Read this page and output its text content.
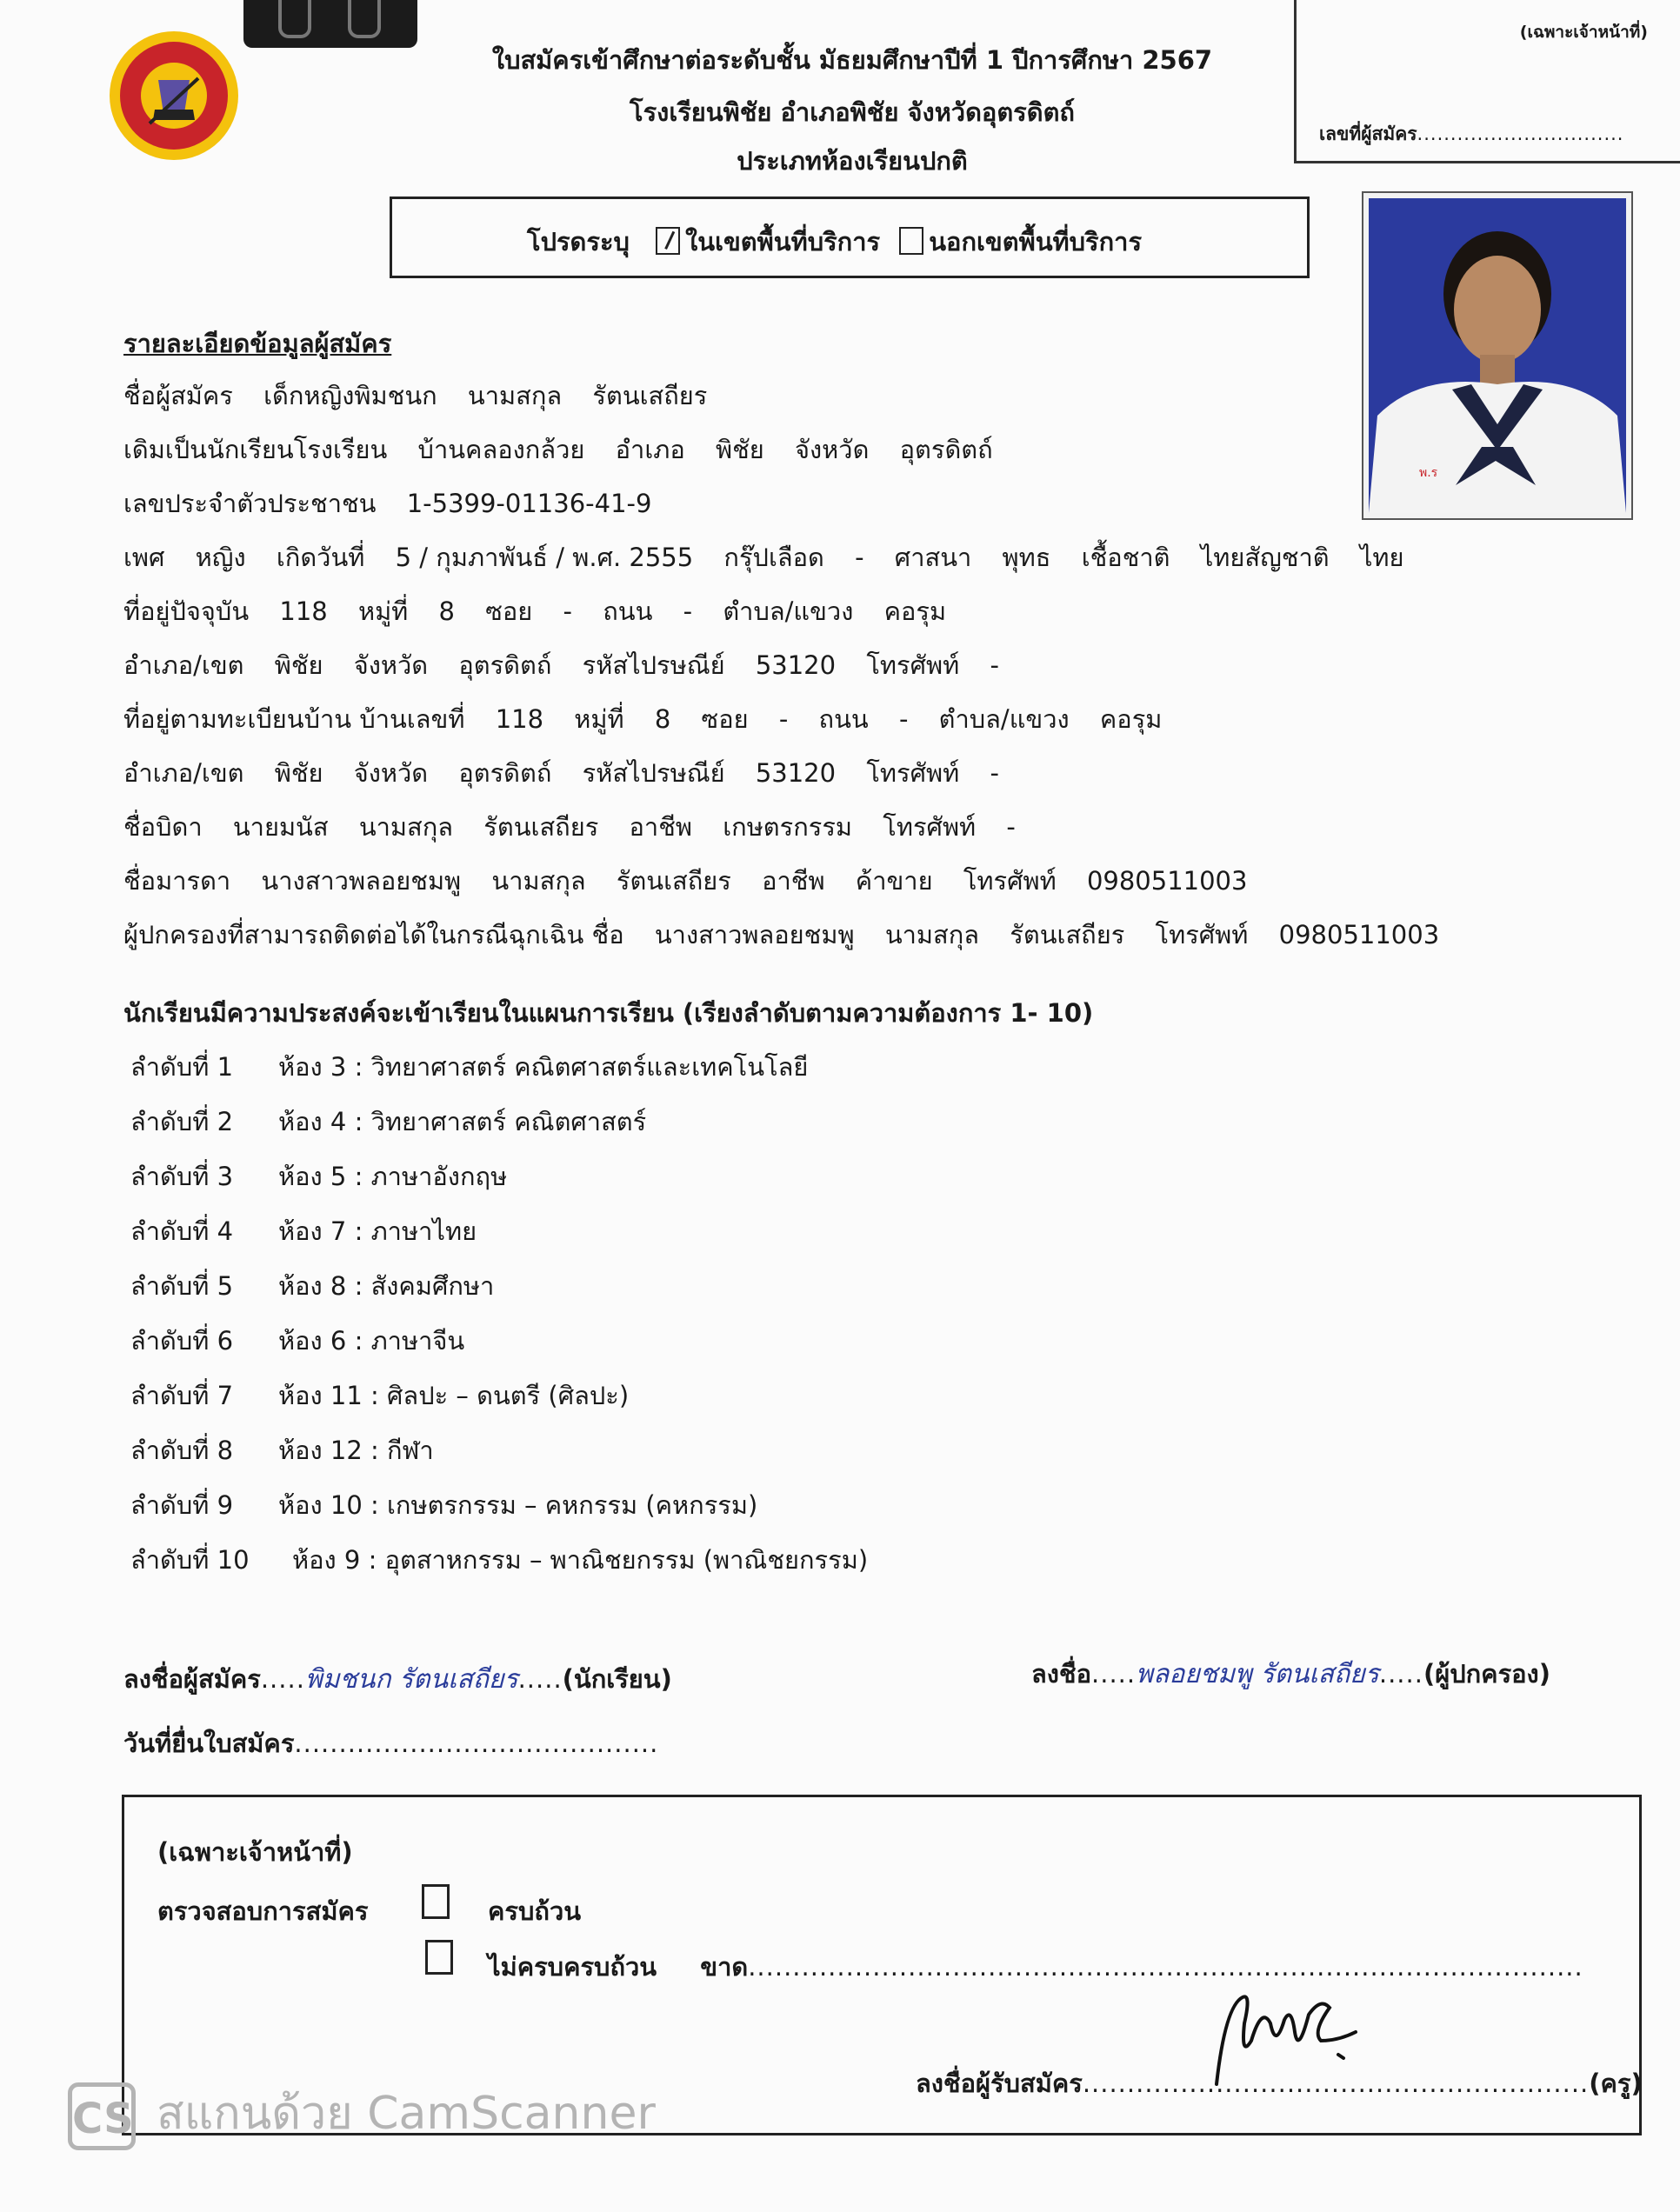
ใบสมัครเข้าศึกษาต่อระดับชั้น มัธยมศึกษาปีที่ 1 ปีการศึกษา 2567
โรงเรียนพิชัย อำเภอพิชัย จังหวัดอุตรดิตถ์
ประเภทห้องเรียนปกติ
(เฉพาะเจ้าหน้าที่)
เลขที่ผู้สมัคร...............................
โปรดระบุ ในเขตพื้นที่บริการ นอกเขตพื้นที่บริการ
พ.ร
รายละเอียดข้อมูลผู้สมัคร
ชื่อผู้สมัคร เด็กหญิงพิมชนก นามสกุล รัตนเสถียร
เดิมเป็นนักเรียนโรงเรียน บ้านคลองกล้วย อำเภอ พิชัย จังหวัด อุตรดิตถ์
เลขประจำตัวประชาชน 1-5399-01136-41-9
เพศ หญิง เกิดวันที่ 5 / กุมภาพันธ์ / พ.ศ. 2555 กรุ๊ปเลือด - ศาสนา พุทธ เชื้อชาติ ไทยสัญชาติ ไทย
ที่อยู่ปัจจุบัน 118 หมู่ที่ 8 ซอย - ถนน - ตำบล/แขวง คอรุม
อำเภอ/เขต พิชัย จังหวัด อุตรดิตถ์ รหัสไปรษณีย์ 53120 โทรศัพท์ -
ที่อยู่ตามทะเบียนบ้าน บ้านเลขที่ 118 หมู่ที่ 8 ซอย - ถนน - ตำบล/แขวง คอรุม
อำเภอ/เขต พิชัย จังหวัด อุตรดิตถ์ รหัสไปรษณีย์ 53120 โทรศัพท์ -
ชื่อบิดา นายมนัส นามสกุล รัตนเสถียร อาชีพ เกษตรกรรม โทรศัพท์ -
ชื่อมารดา นางสาวพลอยชมพู นามสกุล รัตนเสถียร อาชีพ ค้าขาย โทรศัพท์ 0980511003
ผู้ปกครองที่สามารถติดต่อได้ในกรณีฉุกเฉิน ชื่อ นางสาวพลอยชมพู นามสกุล รัตนเสถียร โทรศัพท์ 0980511003
นักเรียนมีความประสงค์จะเข้าเรียนในแผนการเรียน (เรียงลำดับตามความต้องการ 1- 10)
ลำดับที่ 1 ห้อง 3 : วิทยาศาสตร์ คณิตศาสตร์และเทคโนโลยี
ลำดับที่ 2 ห้อง 4 : วิทยาศาสตร์ คณิตศาสตร์
ลำดับที่ 3 ห้อง 5 : ภาษาอังกฤษ
ลำดับที่ 4 ห้อง 7 : ภาษาไทย
ลำดับที่ 5 ห้อง 8 : สังคมศึกษา
ลำดับที่ 6 ห้อง 6 : ภาษาจีน
ลำดับที่ 7 ห้อง 11 : ศิลปะ – ดนตรี (ศิลปะ)
ลำดับที่ 8 ห้อง 12 : กีฬา
ลำดับที่ 9 ห้อง 10 : เกษตรกรรม – คหกรรม (คหกรรม)
ลำดับที่ 10 ห้อง 9 : อุตสาหกรรม – พาณิชยกรรม (พาณิชยกรรม)
ลงชื่อผู้สมัคร.....พิมชนก รัตนเสถียร.....(นักเรียน)	ลงชื่อ.....พลอยชมพู รัตนเสถียร.....(ผู้ปกครอง)
วันที่ยื่นใบสมัคร.........................................
(เฉพาะเจ้าหน้าที่)
ตรวจสอบการสมัคร	ครบถ้วน
ไม่ครบครบถ้วน ขาด..............................................................................................
ลงชื่อผู้รับสมัคร.........................................................(ครู)
CS สแกนด้วย CamScanner
